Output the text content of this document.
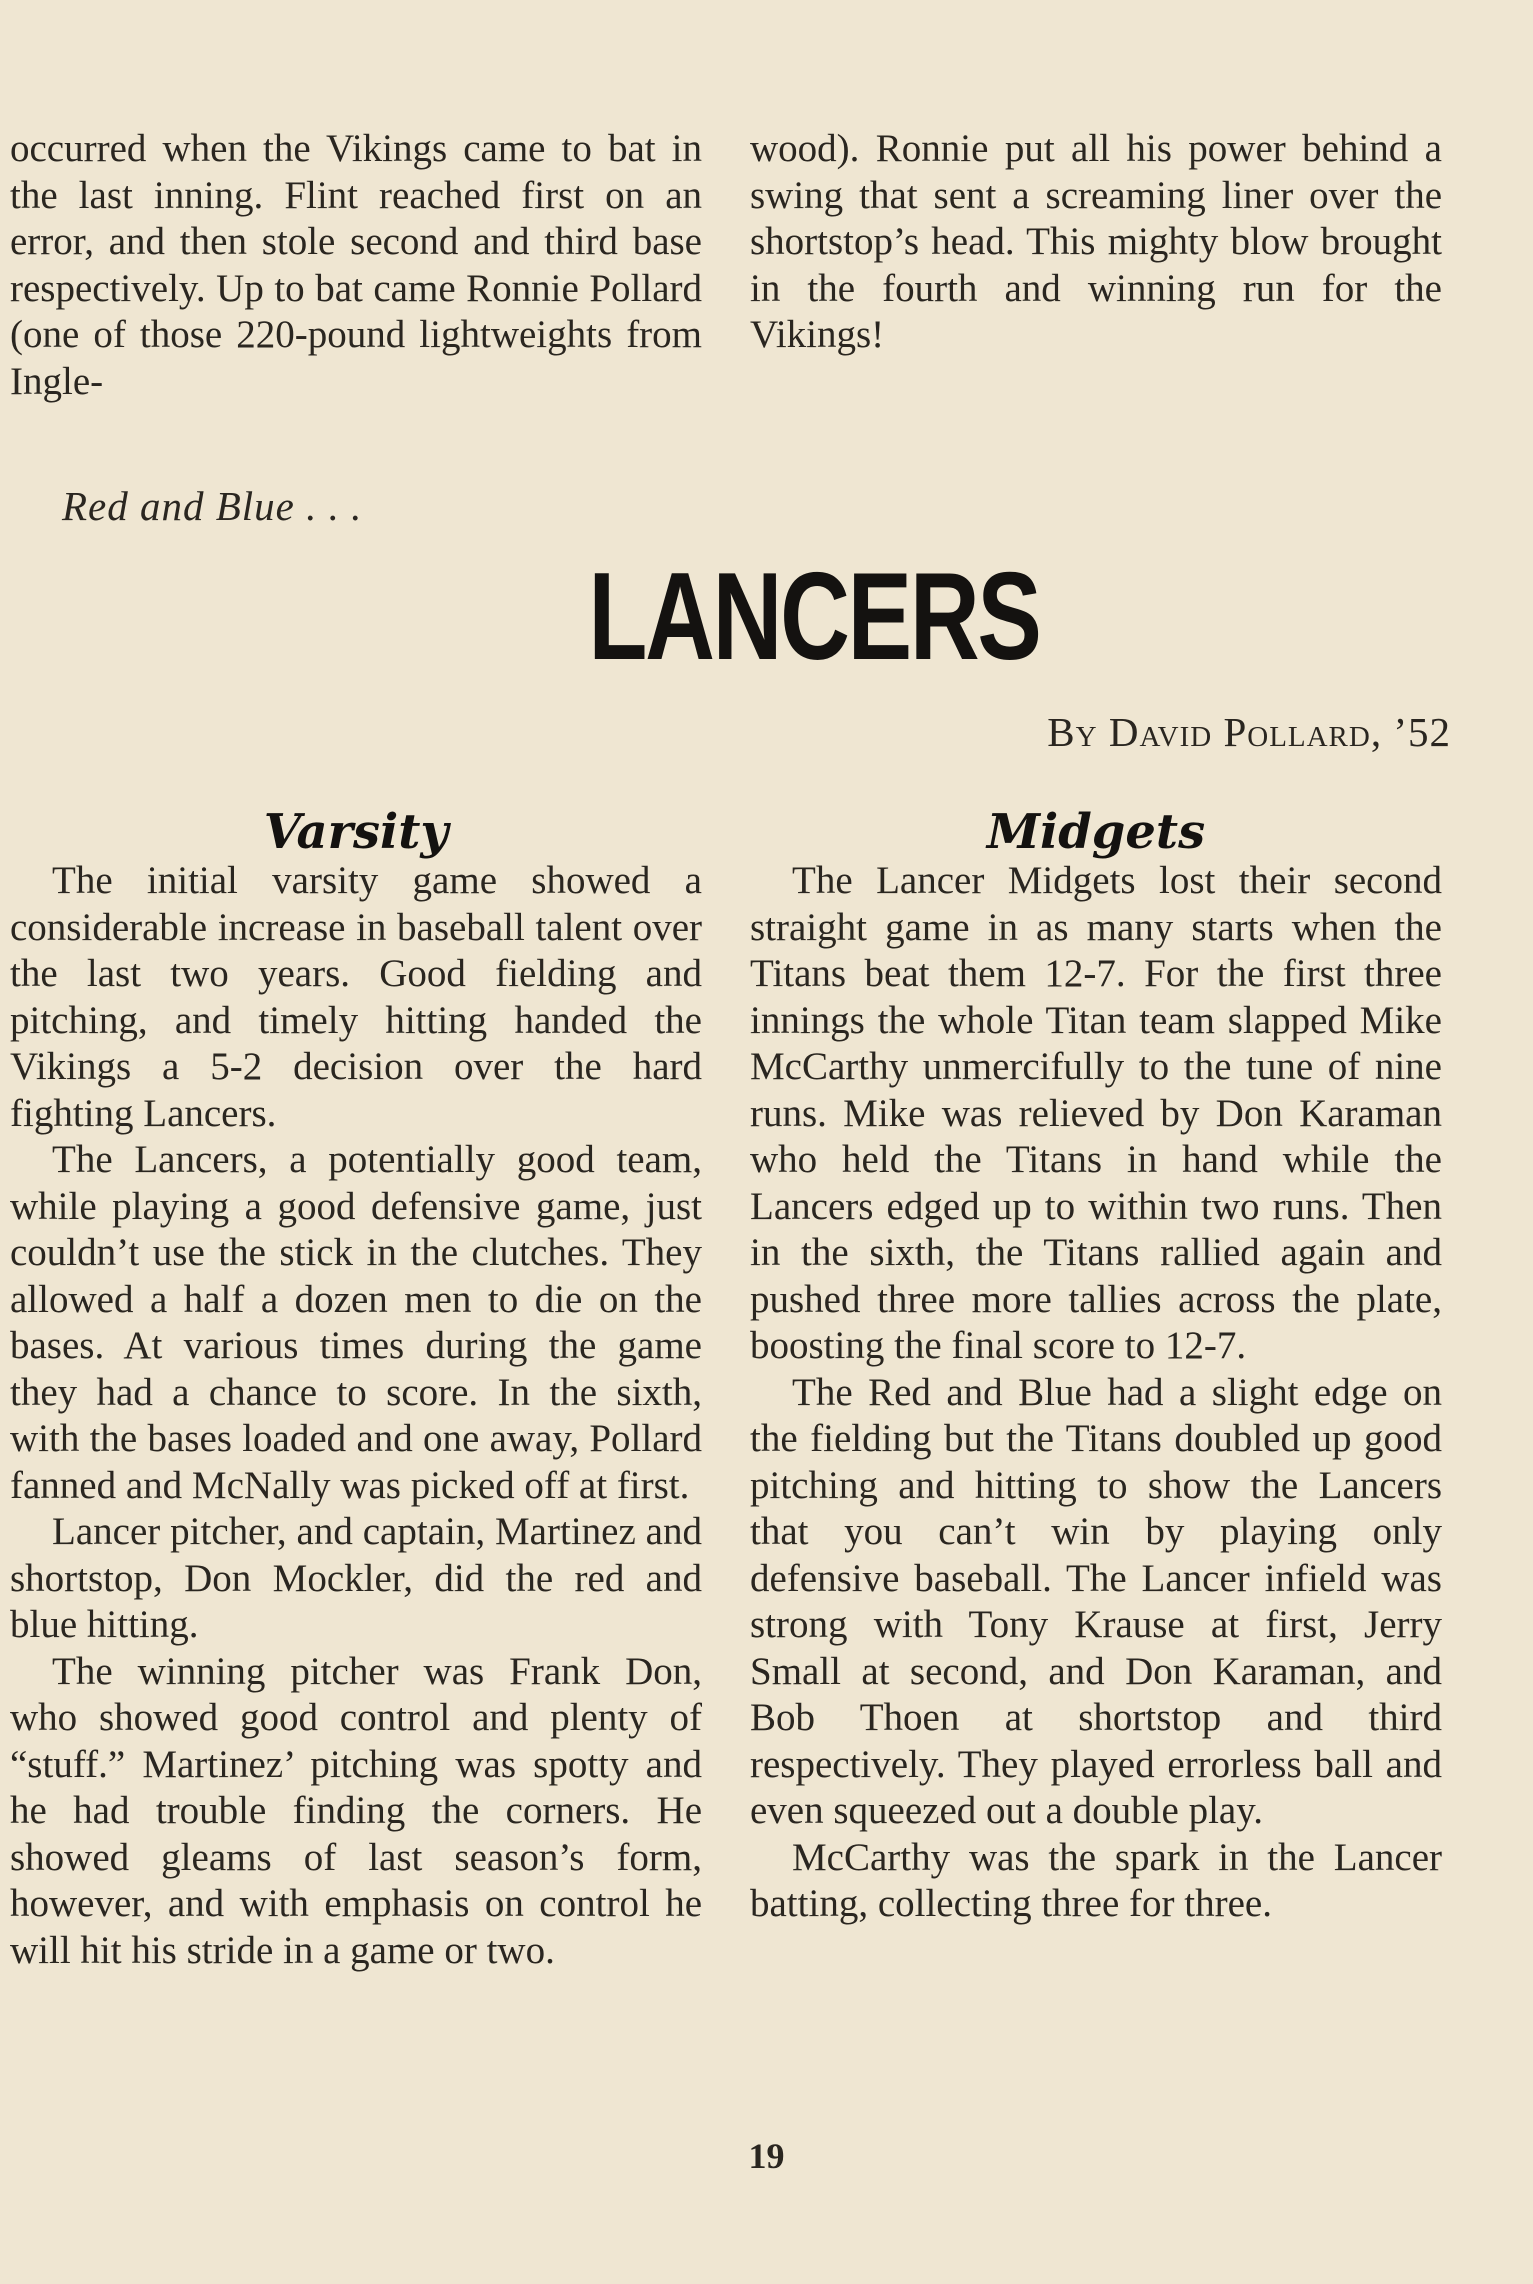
occurred when the Vikings came to bat in the last inning. Flint reached first on an error, and then stole second and third base respectively. Up to bat came Ronnie Pollard (one of those 220-pound lightweights from Ingle-

wood). Ronnie put all his power behind a swing that sent a screaming liner over the shortstop’s head. This mighty blow brought in the fourth and winning run for the Vikings!

Red and Blue . . .
LANCERS
By David Pollard, ’52
Varsity	Midgets

The initial varsity game showed a considerable increase in baseball talent over the last two years. Good fielding and pitching, and timely hitting handed the Vikings a 5-2 decision over the hard fighting Lancers.

The Lancers, a potentially good team, while playing a good defensive game, just couldn’t use the stick in the clutches. They allowed a half a dozen men to die on the bases. At various times during the game they had a chance to score. In the sixth, with the bases loaded and one away, Pollard fanned and McNally was picked off at first.

Lancer pitcher, and captain, Martinez and shortstop, Don Mockler, did the red and blue hitting.

The winning pitcher was Frank Don, who showed good control and plenty of “stuff.” Martinez’ pitching was spotty and he had trouble finding the corners. He showed gleams of last season’s form, however, and with emphasis on control he will hit his stride in a game or two.

The Lancer Midgets lost their second straight game in as many starts when the Titans beat them 12-7. For the first three innings the whole Titan team slapped Mike McCarthy unmercifully to the tune of nine runs. Mike was relieved by Don Karaman who held the Titans in hand while the Lancers edged up to within two runs. Then in the sixth, the Titans rallied again and pushed three more tallies across the plate, boosting the final score to 12-7.

The Red and Blue had a slight edge on the fielding but the Titans doubled up good pitching and hitting to show the Lancers that you can’t win by playing only defensive baseball. The Lancer infield was strong with Tony Krause at first, Jerry Small at second, and Don Karaman, and Bob Thoen at shortstop and third respectively. They played errorless ball and even squeezed out a double play.

McCarthy was the spark in the Lancer batting, collecting three for three.

19
